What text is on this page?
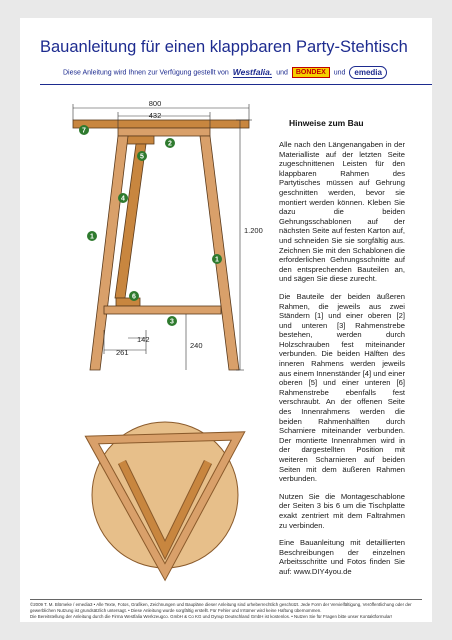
Bauanleitung für einen klappbaren Party-Stehtisch
Diese Anleitung wird Ihnen zur Verfügung gestellt von Westfalia. und BONDEX und emedia
Hinweise zum Bau

Alle nach den Längenangaben in der Materialliste auf der letzten Seite zugeschnittenen Leisten für den klappbaren Rahmen des Partytisches müssen auf Gehrung geschnitten werden, bevor sie montiert werden können. Kleben Sie dazu die beiden Gehrungsschablonen auf der nächsten Seite auf festen Karton auf, und schneiden Sie sie sorgfältig aus. Zeichnen Sie mit den Schablonen die erforderlichen Gehrungsschnitte auf den entsprechenden Bauteilen an, und sägen Sie diese zurecht.

Die Bauteile der beiden äußeren Rahmen, die jeweils aus zwei Ständern [1] und einer oberen [2] und unteren [3] Rahmenstrebe bestehen, werden durch Holzschrauben fest miteinander verbunden. Die beiden Hälften des inneren Rahmens werden jeweils aus einem Innenständer [4] und einer oberen [5] und einer unteren [6] Rahmenstrebe ebenfalls fest verschraubt. An der offenen Seite des Innenrahmens werden die beiden Rahmenhälften durch Scharniere miteinander verbunden. Der montierte Innenrahmen wird in der dargestellten Position mit weiteren Scharnieren auf beiden Seiten mit dem äußeren Rahmen verbunden.

Nutzen Sie die Montageschablone der Seiten 3 bis 6 um die Tischplatte exakt zentriert mit dem Faltrahmen zu verbinden.

Eine Bauanleitung mit detaillierten Beschreibungen der einzelnen Arbeitsschritte und Fotos finden Sie auf: www.DIY4you.de

©2009 T. M. Blömeke / emedia3 • Alle Texte, Fotos, Grafiken, Zeichnungen und Baupläne dieser Anleitung sind urheberrechtlich geschützt. Jede Form der Vervielfältigung, Veröffentlichung oder der gewerblichen Nutzung ist grundsätzlich untersagt. • Diese Anleitung wurde sorgfältig erstellt. Für Fehler und Irrtümer wird keine Haftung übernommen.
Die Bereitstellung der Anleitung durch die Firma Westfalia Werkzeugco. GmbH & Co KG und Dynup Deutschland GmbH ist kostenlos. • Nutzen Sie für Fragen bitte unser Kontaktformular!
800
432
1.200
142
261
240
7
5
2
4
1
1
6
3
